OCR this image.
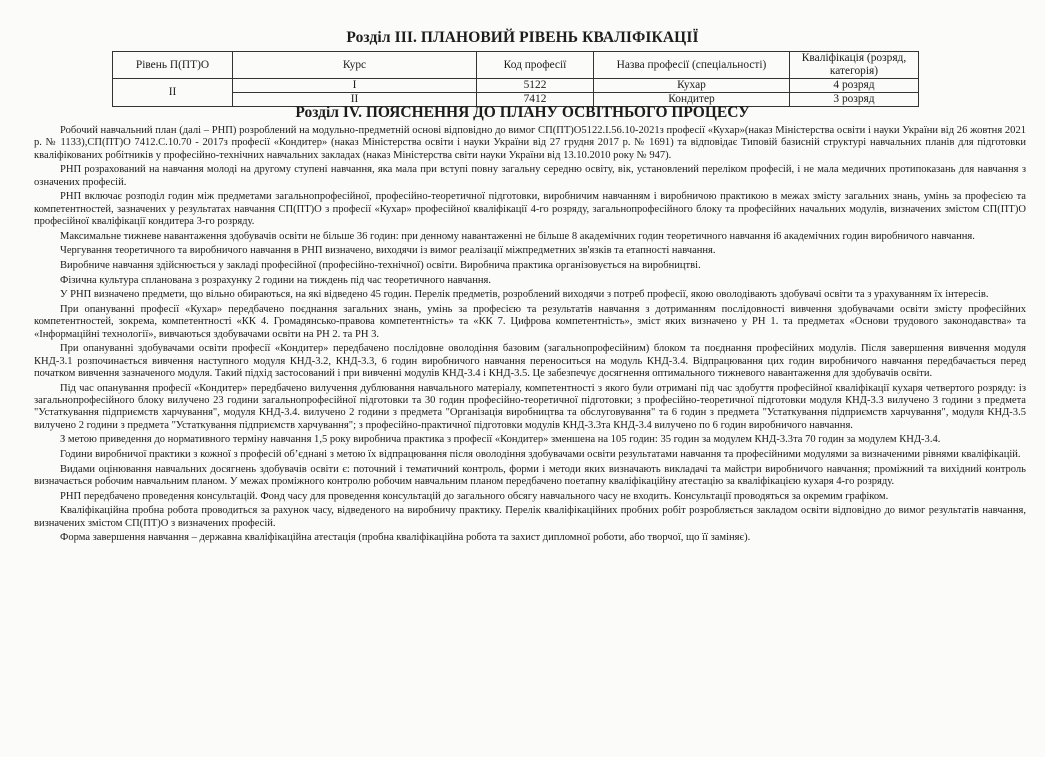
Розділ ІІІ. ПЛАНОВИЙ РІВЕНЬ КВАЛІФІКАЦІЇ
Рівень П(ПТ)О	Курс	Код професії	Назва професії (спеціальності)	Кваліфікація (розряд, категорія)
ІІ	І	5122	Кухар	4 розряд
	ІІ	7412	Кондитер	3 розряд
Розділ ІV. ПОЯСНЕННЯ ДО ПЛАНУ ОСВІТНЬОГО ПРОЦЕСУ

Робочий навчальний план (далі – РНП) розроблений на модульно-предметній основі відповідно до вимог СП(ПТ)О5122.І.56.10-2021з професії «Кухар»(наказ Міністерства освіти і науки України від 26 жовтня 2021 р. № 1133),СП(ПТ)О 7412.С.10.70 - 2017з професії «Кондитер» (наказ Міністерства освіти і науки України від 27 грудня 2017 р. № 1691) та відповідає Типовій базисній структурі навчальних планів для підготовки кваліфікованих робітників у професійно-технічних навчальних закладах (наказ Міністерства світи науки України від 13.10.2010 року № 947).

РНП розрахований на навчання молоді на другому ступені навчання, яка мала при вступі повну загальну середню освіту, вік, установлений переліком професій, і не мала медичних протипоказань для навчання з означених професій.

РНП включає розподіл годин між предметами загальнопрофесійної, професійно-теоретичної підготовки, виробничим навчанням і виробничою практикою в межах змісту загальних знань, умінь за професією та компетентностей, зазначених у результатах навчання СП(ПТ)О з професії «Кухар» професійної кваліфікації 4-го розряду, загальнопрофесійного блоку та професійних начальних модулів, визначених змістом СП(ПТ)О професійної кваліфікації кондитера 3-го розряду.

Максимальне тижневе навантаження здобувачів освіти не більше 36 годин: при денному навантаженні не більше 8 академічних годин теоретичного навчання і6 академічних годин виробничого навчання.

Чергування теоретичного та виробничого навчання в РНП визначено, виходячи із вимог реалізації міжпредметних зв'язків та етапності навчання.

Виробниче навчання здійснюється у закладі професійної (професійно-технічної) освіти. Виробнича практика організовується на виробництві.

Фізична культура спланована з розрахунку 2 години на тиждень під час теоретичного навчання.

У РНП визначено предмети, що вільно обираються, на які відведено 45 годин. Перелік предметів, розроблений виходячи з потреб професії, якою оволодівають здобувачі освіти та з урахуванням їх інтересів.

При опануванні професії «Кухар» передбачено поєднання загальних знань, умінь за професією та результатів навчання з дотриманням послідовності вивчення здобувачами освіти змісту професійних компетентностей, зокрема, компетентності «КК 4. Громадянсько-правова компетентність» та «КК 7. Цифрова компетентність», зміст яких визначено у РН 1. та предметах «Основи трудового законодавства» та «Інформаційні технології», вивчаються здобувачами освіти на РН 2. та РН 3.

При опануванні здобувачами освіти професії «Кондитер» передбачено послідовне оволодіння базовим (загальнопрофесійним) блоком та поєднання професійних модулів. Після завершення вивчення модуля КНД-3.1 розпочинається вивчення наступного модуля КНД-3.2, КНД-3.3, 6 годин виробничого навчання переноситься на модуль КНД-3.4. Відпрацювання цих годин виробничого навчання передбачається перед початком вивчення зазначеного модуля. Такий підхід застосований і при вивченні модулів КНД-3.4 і КНД-3.5. Це забезпечує досягнення оптимального тижневого навантаження для здобувачів освіти.

Під час опанування професії «Кондитер» передбачено вилучення дублювання навчального матеріалу, компетентності з якого були отримані під час здобуття професійної кваліфікації кухаря четвертого розряду: із загальнопрофесійного блоку вилучено 23 години загальнопрофесійної підготовки та 30 годин професійно-теоретичної підготовки; з професійно-теоретичної підготовки модуля КНД-3.3 вилучено 3 години з предмета "Устаткування підприємств харчування", модуля КНД-3.4. вилучено 2 години з предмета "Організація виробництва та обслуговування" та 6 годин з предмета "Устаткування підприємств харчування", модуля КНД-3.5 вилучено 2 години з предмета "Устаткування підприємств харчування"; з професійно-практичної підготовки модулів КНД-3.3та КНД-3.4 вилучено по 6 годин виробничого навчання.

З метою приведення до нормативного терміну навчання 1,5 року виробнича практика з професії «Кондитер» зменшена на 105 годин: 35 годин за модулем КНД-3.3та 70 годин за модулем КНД-3.4.

Години виробничої практики з кожної з професій об’єднані з метою їх відпрацювання після оволодіння здобувачами освіти результатами навчання та професійними модулями за визначеними рівнями кваліфікацій.

Видами оцінювання навчальних досягнень здобувачів освіти є: поточний і тематичний контроль, форми і методи яких визначають викладачі та майстри виробничого навчання; проміжний та вихідний контроль визначається робочим навчальним планом. У межах проміжного контролю робочим навчальним планом передбачено поетапну кваліфікаційну атестацію за кваліфікацією кухаря 4-го розряду.

РНП передбачено проведення консультацій. Фонд часу для проведення консультацій до загального обсягу навчального часу не входить. Консультації проводяться за окремим графіком.

Кваліфікаційна пробна робота проводиться за рахунок часу, відведеного на виробничу практику. Перелік кваліфікаційних пробних робіт розробляється закладом освіти відповідно до вимог результатів навчання, визначених змістом СП(ПТ)О з визначених професій.

Форма завершення навчання – державна кваліфікаційна атестація (пробна кваліфікаційна робота та захист дипломної роботи, або творчої, що її заміняє).
